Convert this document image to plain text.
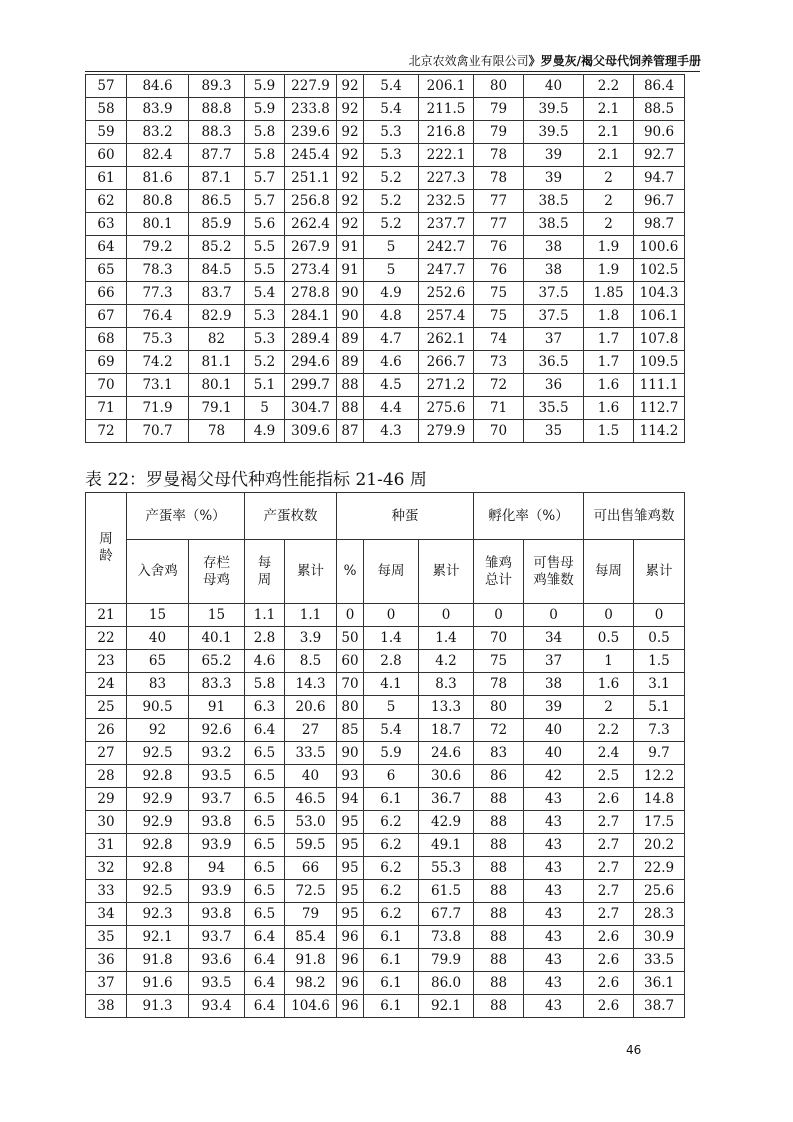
北京农效禽业有限公司》罗曼灰/褐父母代饲养管理手册
57	84.6	89.3	5.9	227.9	92	5.4	206.1	80	40	2.2	86.4
58	83.9	88.8	5.9	233.8	92	5.4	211.5	79	39.5	2.1	88.5
59	83.2	88.3	5.8	239.6	92	5.3	216.8	79	39.5	2.1	90.6
60	82.4	87.7	5.8	245.4	92	5.3	222.1	78	39	2.1	92.7
61	81.6	87.1	5.7	251.1	92	5.2	227.3	78	39	2	94.7
62	80.8	86.5	5.7	256.8	92	5.2	232.5	77	38.5	2	96.7
63	80.1	85.9	5.6	262.4	92	5.2	237.7	77	38.5	2	98.7
64	79.2	85.2	5.5	267.9	91	5	242.7	76	38	1.9	100.6
65	78.3	84.5	5.5	273.4	91	5	247.7	76	38	1.9	102.5
66	77.3	83.7	5.4	278.8	90	4.9	252.6	75	37.5	1.85	104.3
67	76.4	82.9	5.3	284.1	90	4.8	257.4	75	37.5	1.8	106.1
68	75.3	82	5.3	289.4	89	4.7	262.1	74	37	1.7	107.8
69	74.2	81.1	5.2	294.6	89	4.6	266.7	73	36.5	1.7	109.5
70	73.1	80.1	5.1	299.7	88	4.5	271.2	72	36	1.6	111.1
71	71.9	79.1	5	304.7	88	4.4	275.6	71	35.5	1.6	112.7
72	70.7	78	4.9	309.6	87	4.3	279.9	70	35	1.5	114.2
表 22：罗曼褐父母代种鸡性能指标 21-46 周
周龄	产蛋率（%）		产蛋枚数		种蛋			孵化率（%）		可出售雏鸡数	
	入舍鸡	存栏母鸡	每周	累计	%	每周	累计	雏鸡总计	可售母鸡雏数	每周	累计
21	15	15	1.1	1.1	0	0	0	0	0	0	0
22	40	40.1	2.8	3.9	50	1.4	1.4	70	34	0.5	0.5
23	65	65.2	4.6	8.5	60	2.8	4.2	75	37	1	1.5
24	83	83.3	5.8	14.3	70	4.1	8.3	78	38	1.6	3.1
25	90.5	91	6.3	20.6	80	5	13.3	80	39	2	5.1
26	92	92.6	6.4	27	85	5.4	18.7	72	40	2.2	7.3
27	92.5	93.2	6.5	33.5	90	5.9	24.6	83	40	2.4	9.7
28	92.8	93.5	6.5	40	93	6	30.6	86	42	2.5	12.2
29	92.9	93.7	6.5	46.5	94	6.1	36.7	88	43	2.6	14.8
30	92.9	93.8	6.5	53.0	95	6.2	42.9	88	43	2.7	17.5
31	92.8	93.9	6.5	59.5	95	6.2	49.1	88	43	2.7	20.2
32	92.8	94	6.5	66	95	6.2	55.3	88	43	2.7	22.9
33	92.5	93.9	6.5	72.5	95	6.2	61.5	88	43	2.7	25.6
34	92.3	93.8	6.5	79	95	6.2	67.7	88	43	2.7	28.3
35	92.1	93.7	6.4	85.4	96	6.1	73.8	88	43	2.6	30.9
36	91.8	93.6	6.4	91.8	96	6.1	79.9	88	43	2.6	33.5
37	91.6	93.5	6.4	98.2	96	6.1	86.0	88	43	2.6	36.1
38	91.3	93.4	6.4	104.6	96	6.1	92.1	88	43	2.6	38.7
46
